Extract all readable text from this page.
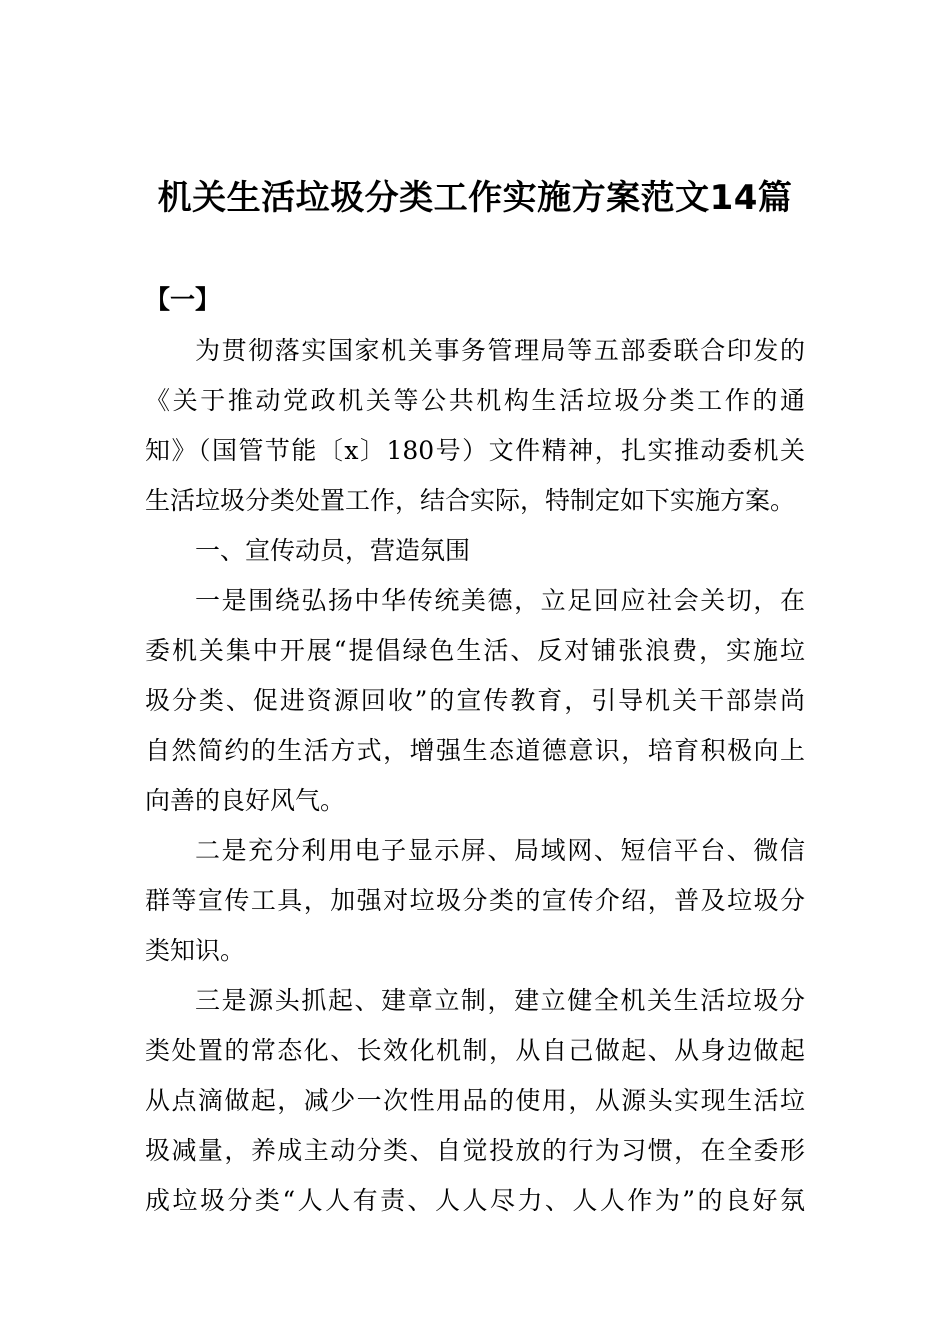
机关生活垃圾分类工作实施方案范文14篇
【一】
为贯彻落实国家机关事务管理局等五部委联合印发的
《关于推动党政机关等公共机构生活垃圾分类工作的通
知》（国管节能〔x〕180号）文件精神，扎实推动委机关
生活垃圾分类处置工作，结合实际，特制定如下实施方案。
一、宣传动员，营造氛围
一是围绕弘扬中华传统美德，立足回应社会关切，在
委机关集中开展“提倡绿色生活、反对铺张浪费，实施垃
圾分类、促进资源回收”的宣传教育，引导机关干部崇尚
自然简约的生活方式，增强生态道德意识，培育积极向上
向善的良好风气。
二是充分利用电子显示屏、局域网、短信平台、微信
群等宣传工具，加强对垃圾分类的宣传介绍，普及垃圾分
类知识。
三是源头抓起、建章立制，建立健全机关生活垃圾分
类处置的常态化、长效化机制，从自己做起、从身边做起
从点滴做起，减少一次性用品的使用，从源头实现生活垃
圾减量，养成主动分类、自觉投放的行为习惯，在全委形
成垃圾分类“人人有责、人人尽力、人人作为”的良好氛
